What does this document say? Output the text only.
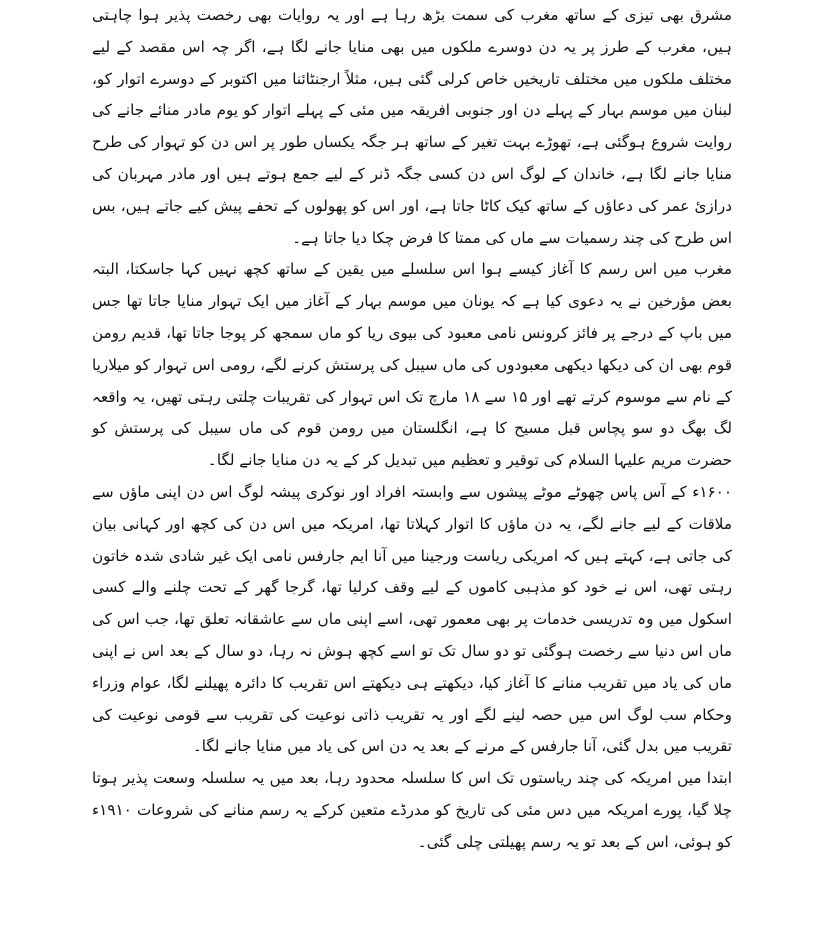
مشرق بھی تیزی کے ساتھ مغرب کی سمت بڑھ رہا ہے اور یہ روایات بھی رخصت پذیر ہوا چاہتی ہیں، مغرب کے طرز پر یہ دن دوسرے ملکوں میں بھی منایا جانے لگا ہے، اگر چہ اس مقصد کے لیے مختلف ملکوں میں مختلف تاریخیں خاص کرلی گئی ہیں، مثلاً ارجنٹائنا میں اکتوبر کے دوسرے اتوار کو، لبنان میں موسم بہار کے پہلے دن اور جنوبی افریقہ میں مئی کے پہلے اتوار کو یوم مادر منائے جانے کی روایت شروع ہوگئی ہے، تھوڑے بہت تغیر کے ساتھ ہر جگہ یکساں طور پر اس دن کو تہوار کی طرح منایا جانے لگا ہے، خاندان کے لوگ اس دن کسی جگہ ڈنر کے لیے جمع ہوتے ہیں اور مادر مہربان کی درازئ عمر کی دعاؤں کے ساتھ کیک کاٹا جاتا ہے، اور اس کو پھولوں کے تحفے پیش کیے جاتے ہیں، بس اس طرح کی چند رسمیات سے ماں کی ممتا کا فرض چکا دیا جاتا ہے۔

مغرب میں اس رسم کا آغاز کیسے ہوا اس سلسلے میں یقین کے ساتھ کچھ نہیں کہا جاسکتا، البتہ بعض مؤرخین نے یہ دعوی کیا ہے کہ یونان میں موسم بہار کے آغاز میں ایک تہوار منایا جاتا تھا جس میں باپ کے درجے پر فائز کرونس نامی معبود کی بیوی ریا کو ماں سمجھ کر پوجا جاتا تھا، قدیم رومن قوم بھی ان کی دیکھا دیکھی معبودوں کی ماں سیبل کی پرستش کرنے لگے، رومی اس تہوار کو میلاریا کے نام سے موسوم کرتے تھے اور ۱۵ سے ۱۸ مارچ تک اس تہوار کی تقریبات چلتی رہتی تھیں، یہ واقعہ لگ بھگ دو سو پچاس قبل مسیح کا ہے، انگلستان میں رومن قوم کی ماں سیبل کی پرستش کو حضرت مریم علیہا السلام کی توقیر و تعظیم میں تبدیل کر کے یہ دن منایا جانے لگا۔

۱۶۰۰ء کے آس پاس چھوٹے موٹے پیشوں سے وابستہ افراد اور نوکری پیشہ لوگ اس دن اپنی ماؤں سے ملاقات کے لیے جانے لگے، یہ دن ماؤں کا اتوار کہلاتا تھا، امریکہ میں اس دن کی کچھ اور کہانی بیان کی جاتی ہے، کہتے ہیں کہ امریکی ریاست ورجینا میں آنا ایم جارفس نامی ایک غیر شادی شدہ خاتون رہتی تھی، اس نے خود کو مذہبی کاموں کے لیے وقف کرلیا تھا، گرجا گھر کے تحت چلنے والے کسی اسکول میں وہ تدریسی خدمات پر بھی معمور تھی، اسے اپنی ماں سے عاشقانہ تعلق تھا، جب اس کی ماں اس دنیا سے رخصت ہوگئی تو دو سال تک تو اسے کچھ ہوش نہ رہا، دو سال کے بعد اس نے اپنی ماں کی یاد میں تقریب منانے کا آغاز کیا، دیکھتے ہی دیکھتے اس تقریب کا دائرہ پھیلنے لگا، عوام وزراء وحکام سب لوگ اس میں حصہ لینے لگے اور یہ تقریب ذاتی نوعیت کی تقریب سے قومی نوعیت کی تقریب میں بدل گئی، آنا جارفس کے مرنے کے بعد یہ دن اس کی یاد میں منایا جانے لگا۔

ابتدا میں امریکہ کی چند ریاستوں تک اس کا سلسلہ محدود رہا، بعد میں یہ سلسلہ وسعت پذیر ہوتا چلا گیا، پورے امریکہ میں دس مئی کی تاریخ کو مدرڈے متعین کرکے یہ رسم منانے کی شروعات ۱۹۱۰ء کو ہوئی، اس کے بعد تو یہ رسم پھیلتی چلی گئی۔
